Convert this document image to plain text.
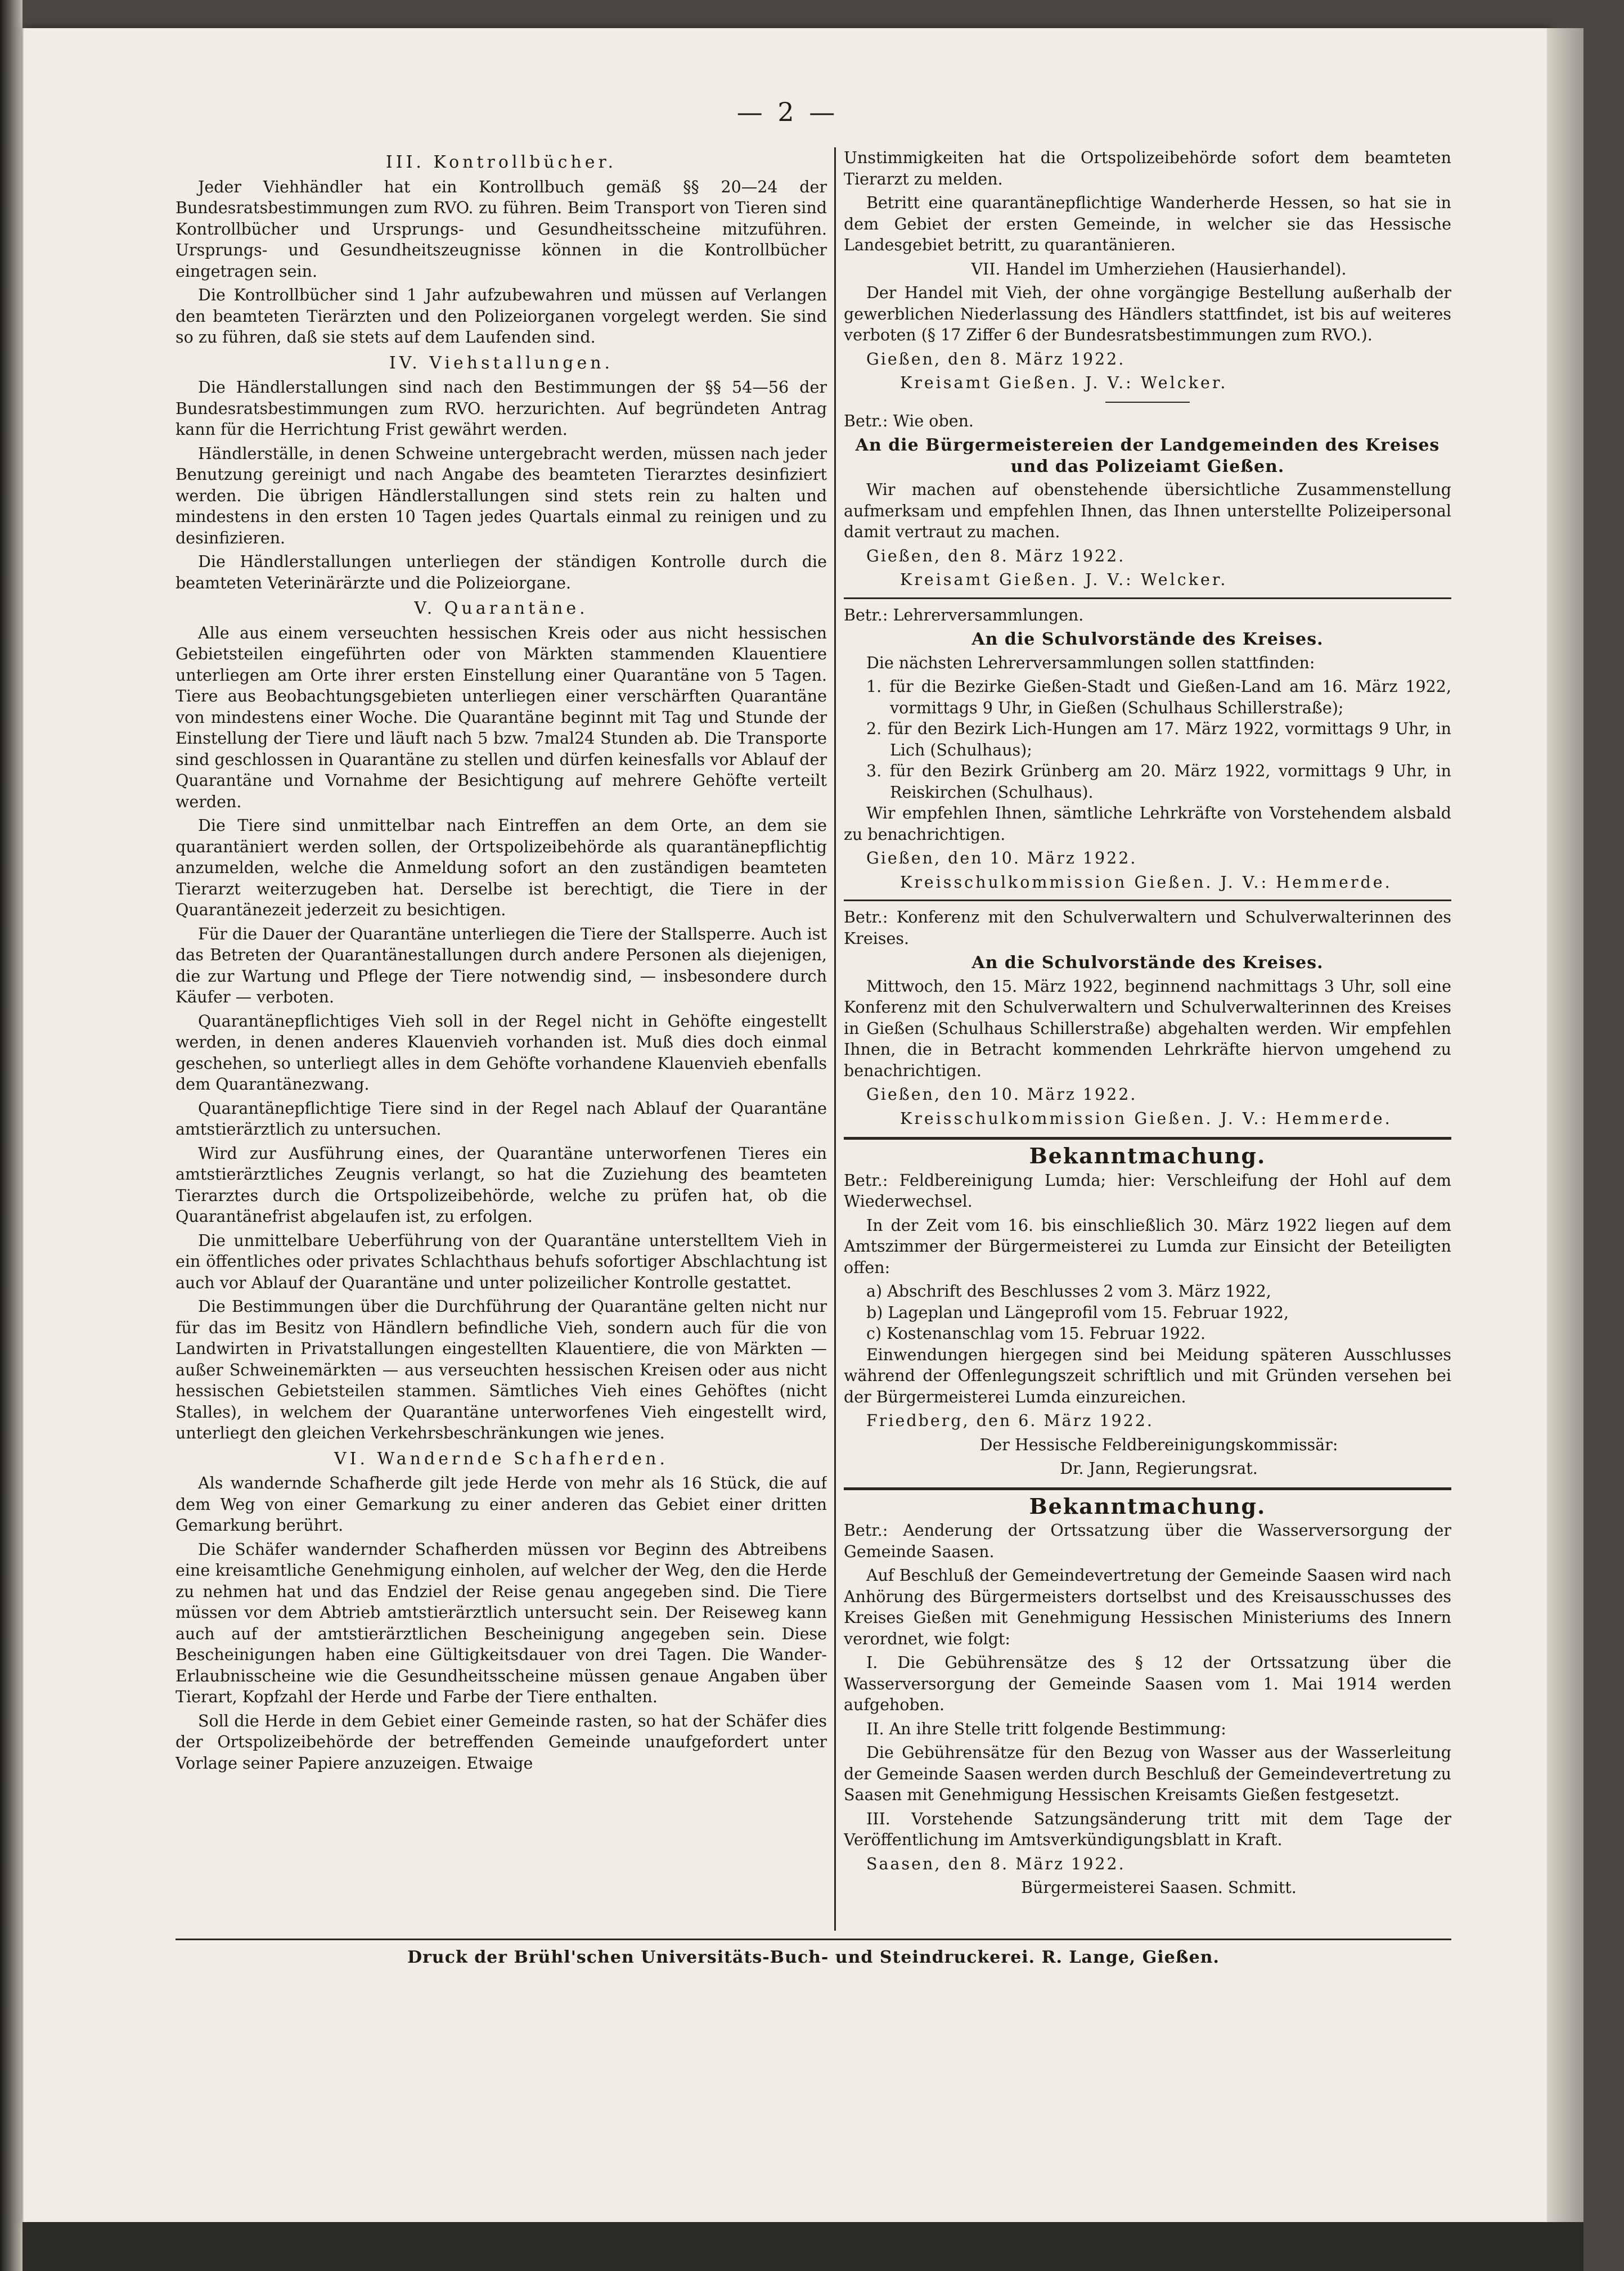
— 2 —
III. Kontrollbücher.

Jeder Viehhändler hat ein Kontrollbuch gemäß §§ 20—24 der Bundesratsbestimmungen zum RVO. zu führen. Beim Transport von Tieren sind Kontrollbücher und Ursprungs- und Gesundheitsscheine mitzuführen. Ursprungs- und Gesundheitszeugnisse können in die Kontrollbücher eingetragen sein.

Die Kontrollbücher sind 1 Jahr aufzubewahren und müssen auf Verlangen den beamteten Tierärzten und den Polizeiorganen vorgelegt werden. Sie sind so zu führen, daß sie stets auf dem Laufenden sind.

IV. Viehstallungen.

Die Händlerstallungen sind nach den Bestimmungen der §§ 54—56 der Bundesratsbestimmungen zum RVO. herzurichten. Auf begründeten Antrag kann für die Herrichtung Frist gewährt werden.

Händlerställe, in denen Schweine untergebracht werden, müssen nach jeder Benutzung gereinigt und nach Angabe des beamteten Tierarztes desinfiziert werden. Die übrigen Händlerstallungen sind stets rein zu halten und mindestens in den ersten 10 Tagen jedes Quartals einmal zu reinigen und zu desinfizieren.

Die Händlerstallungen unterliegen der ständigen Kontrolle durch die beamteten Veterinärärzte und die Polizeiorgane.

V. Quarantäne.

Alle aus einem verseuchten hessischen Kreis oder aus nicht hessischen Gebietsteilen eingeführten oder von Märkten stammenden Klauentiere unterliegen am Orte ihrer ersten Einstellung einer Quarantäne von 5 Tagen. Tiere aus Beobachtungsgebieten unterliegen einer verschärften Quarantäne von mindestens einer Woche. Die Quarantäne beginnt mit Tag und Stunde der Einstellung der Tiere und läuft nach 5 bzw. 7mal24 Stunden ab. Die Transporte sind geschlossen in Quarantäne zu stellen und dürfen keinesfalls vor Ablauf der Quarantäne und Vornahme der Besichtigung auf mehrere Gehöfte verteilt werden.

Die Tiere sind unmittelbar nach Eintreffen an dem Orte, an dem sie quarantäniert werden sollen, der Ortspolizeibehörde als quarantänepflichtig anzumelden, welche die Anmeldung sofort an den zuständigen beamteten Tierarzt weiterzugeben hat. Derselbe ist berechtigt, die Tiere in der Quarantänezeit jederzeit zu besichtigen.

Für die Dauer der Quarantäne unterliegen die Tiere der Stallsperre. Auch ist das Betreten der Quarantänestallungen durch andere Personen als diejenigen, die zur Wartung und Pflege der Tiere notwendig sind, — insbesondere durch Käufer — verboten.

Quarantänepflichtiges Vieh soll in der Regel nicht in Gehöfte eingestellt werden, in denen anderes Klauenvieh vorhanden ist. Muß dies doch einmal geschehen, so unterliegt alles in dem Gehöfte vorhandene Klauenvieh ebenfalls dem Quarantänezwang.

Quarantänepflichtige Tiere sind in der Regel nach Ablauf der Quarantäne amtstierärztlich zu untersuchen.

Wird zur Ausführung eines, der Quarantäne unterworfenen Tieres ein amtstierärztliches Zeugnis verlangt, so hat die Zuziehung des beamteten Tierarztes durch die Ortspolizeibehörde, welche zu prüfen hat, ob die Quarantänefrist abgelaufen ist, zu erfolgen.

Die unmittelbare Ueberführung von der Quarantäne unterstelltem Vieh in ein öffentliches oder privates Schlachthaus behufs sofortiger Abschlachtung ist auch vor Ablauf der Quarantäne und unter polizeilicher Kontrolle gestattet.

Die Bestimmungen über die Durchführung der Quarantäne gelten nicht nur für das im Besitz von Händlern befindliche Vieh, sondern auch für die von Landwirten in Privatstallungen eingestellten Klauentiere, die von Märkten — außer Schweinemärkten — aus verseuchten hessischen Kreisen oder aus nicht hessischen Gebietsteilen stammen. Sämtliches Vieh eines Gehöftes (nicht Stalles), in welchem der Quarantäne unterworfenes Vieh eingestellt wird, unterliegt den gleichen Verkehrsbeschränkungen wie jenes.

VI. Wandernde Schafherden.

Als wandernde Schafherde gilt jede Herde von mehr als 16 Stück, die auf dem Weg von einer Gemarkung zu einer anderen das Gebiet einer dritten Gemarkung berührt.

Die Schäfer wandernder Schafherden müssen vor Beginn des Abtreibens eine kreisamtliche Genehmigung einholen, auf welcher der Weg, den die Herde zu nehmen hat und das Endziel der Reise genau angegeben sind. Die Tiere müssen vor dem Abtrieb amtstierärztlich untersucht sein. Der Reiseweg kann auch auf der amtstierärztlichen Bescheinigung angegeben sein. Diese Bescheinigungen haben eine Gültigkeitsdauer von drei Tagen. Die Wander-Erlaubnisscheine wie die Gesundheitsscheine müssen genaue Angaben über Tierart, Kopfzahl der Herde und Farbe der Tiere enthalten.

Soll die Herde in dem Gebiet einer Gemeinde rasten, so hat der Schäfer dies der Ortspolizeibehörde der betreffenden Gemeinde unaufgefordert unter Vorlage seiner Papiere anzuzeigen. Etwaige

Unstimmigkeiten hat die Ortspolizeibehörde sofort dem beamteten Tierarzt zu melden.

Betritt eine quarantänepflichtige Wanderherde Hessen, so hat sie in dem Gebiet der ersten Gemeinde, in welcher sie das Hessische Landesgebiet betritt, zu quarantänieren.

VII. Handel im Umherziehen (Hausierhandel).

Der Handel mit Vieh, der ohne vorgängige Bestellung außerhalb der gewerblichen Niederlassung des Händlers stattfindet, ist bis auf weiteres verboten (§ 17 Ziffer 6 der Bundesratsbestimmungen zum RVO.).

Gießen, den 8. März 1922.

Kreisamt Gießen. J. V.: Welcker.

Betr.: Wie oben.

An die Bürgermeistereien der Landgemeinden des Kreises und das Polizeiamt Gießen.

Wir machen auf obenstehende übersichtliche Zusammenstellung aufmerksam und empfehlen Ihnen, das Ihnen unterstellte Polizeipersonal damit vertraut zu machen.

Gießen, den 8. März 1922.

Kreisamt Gießen. J. V.: Welcker.

Betr.: Lehrerversammlungen.

An die Schulvorstände des Kreises.

Die nächsten Lehrerversammlungen sollen stattfinden:

1. für die Bezirke Gießen-Stadt und Gießen-Land am 16. März 1922, vormittags 9 Uhr, in Gießen (Schulhaus Schillerstraße);

2. für den Bezirk Lich-Hungen am 17. März 1922, vormittags 9 Uhr, in Lich (Schulhaus);

3. für den Bezirk Grünberg am 20. März 1922, vormittags 9 Uhr, in Reiskirchen (Schulhaus).

Wir empfehlen Ihnen, sämtliche Lehrkräfte von Vorstehendem alsbald zu benachrichtigen.

Gießen, den 10. März 1922.

Kreisschulkommission Gießen. J. V.: Hemmerde.

Betr.: Konferenz mit den Schulverwaltern und Schulverwalterinnen des Kreises.

An die Schulvorstände des Kreises.

Mittwoch, den 15. März 1922, beginnend nachmittags 3 Uhr, soll eine Konferenz mit den Schulverwaltern und Schulverwalterinnen des Kreises in Gießen (Schulhaus Schillerstraße) abgehalten werden. Wir empfehlen Ihnen, die in Betracht kommenden Lehrkräfte hiervon umgehend zu benachrichtigen.

Gießen, den 10. März 1922.

Kreisschulkommission Gießen. J. V.: Hemmerde.

Bekanntmachung.

Betr.: Feldbereinigung Lumda; hier: Verschleifung der Hohl auf dem Wiederwechsel.

In der Zeit vom 16. bis einschließlich 30. März 1922 liegen auf dem Amtszimmer der Bürgermeisterei zu Lumda zur Einsicht der Beteiligten offen:

a) Abschrift des Beschlusses 2 vom 3. März 1922,

b) Lageplan und Längeprofil vom 15. Februar 1922,

c) Kostenanschlag vom 15. Februar 1922.

Einwendungen hiergegen sind bei Meidung späteren Ausschlusses während der Offenlegungszeit schriftlich und mit Gründen versehen bei der Bürgermeisterei Lumda einzureichen.

Friedberg, den 6. März 1922.

Der Hessische Feldbereinigungskommissär:

Dr. Jann, Regierungsrat.

Bekanntmachung.

Betr.: Aenderung der Ortssatzung über die Wasserversorgung der Gemeinde Saasen.

Auf Beschluß der Gemeindevertretung der Gemeinde Saasen wird nach Anhörung des Bürgermeisters dortselbst und des Kreisausschusses des Kreises Gießen mit Genehmigung Hessischen Ministeriums des Innern verordnet, wie folgt:

I. Die Gebührensätze des § 12 der Ortssatzung über die Wasserversorgung der Gemeinde Saasen vom 1. Mai 1914 werden aufgehoben.

II. An ihre Stelle tritt folgende Bestimmung:

Die Gebührensätze für den Bezug von Wasser aus der Wasserleitung der Gemeinde Saasen werden durch Beschluß der Gemeindevertretung zu Saasen mit Genehmigung Hessischen Kreisamts Gießen festgesetzt.

III. Vorstehende Satzungsänderung tritt mit dem Tage der Veröffentlichung im Amtsverkündigungsblatt in Kraft.

Saasen, den 8. März 1922.

Bürgermeisterei Saasen. Schmitt.

Druck der Brühl'schen Universitäts-Buch- und Steindruckerei. R. Lange, Gießen.
